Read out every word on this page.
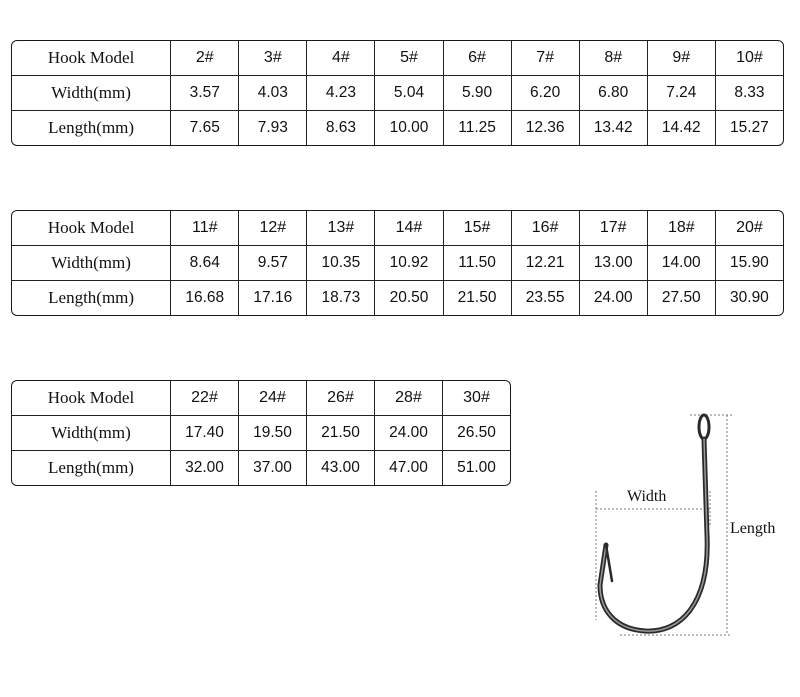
Hook Model	2#	3#	4#	5#	6#	7#	8#	9#	10#
Width(mm)	3.57	4.03	4.23	5.04	5.90	6.20	6.80	7.24	8.33
Length(mm)	7.65	7.93	8.63	10.00	11.25	12.36	13.42	14.42	15.27
Hook Model	11#	12#	13#	14#	15#	16#	17#	18#	20#
Width(mm)	8.64	9.57	10.35	10.92	11.50	12.21	13.00	14.00	15.90
Length(mm)	16.68	17.16	18.73	20.50	21.50	23.55	24.00	27.50	30.90
Hook Model	22#	24#	26#	28#	30#
Width(mm)	17.40	19.50	21.50	24.00	26.50
Length(mm)	32.00	37.00	43.00	47.00	51.00
Width
Length
